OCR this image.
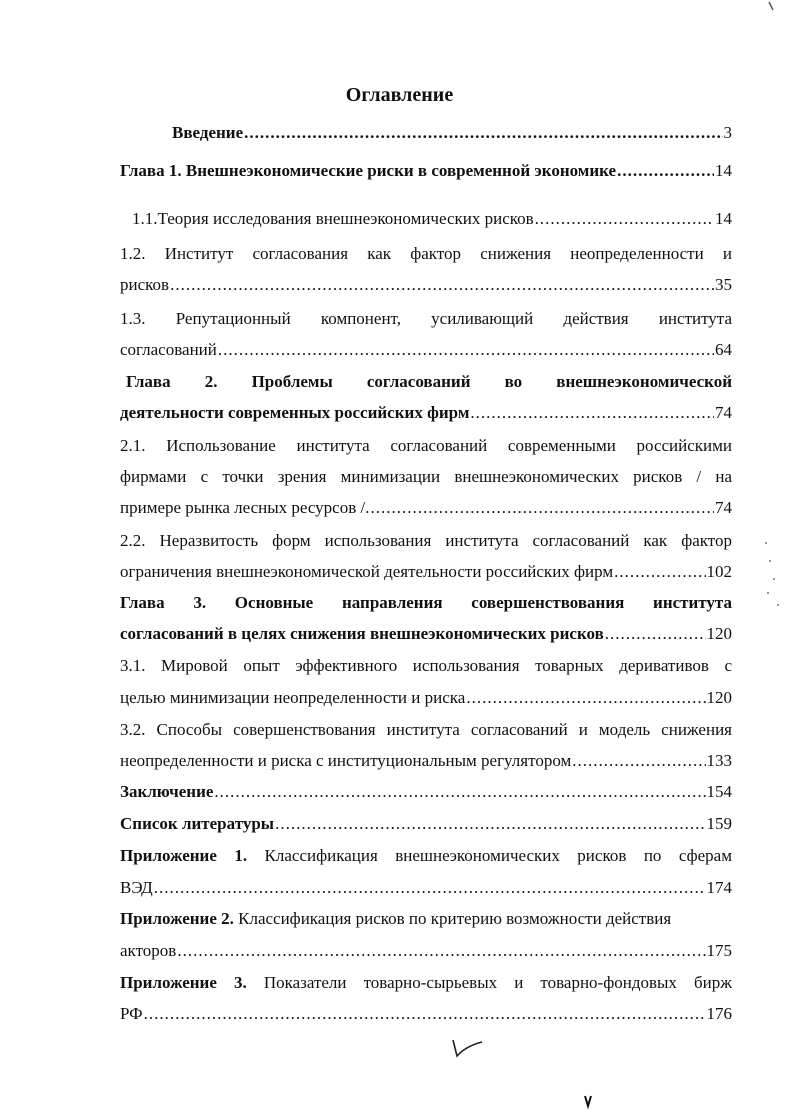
Оглавление
Введение .....	3
Глава 1. Внешнеэкономические риски в современной экономике .....	14
1.1.Теория исследования внешнеэкономических рисков .....	14
1.2. Институт согласования как фактор снижения неопределенности и
рисков .....	35
1.3. Репутационный компонент, усиливающий действия института
согласований .....	64
Глава 2. Проблемы согласований во внешнеэкономической
деятельности современных российских фирм .....	74
2.1. Использование института согласований современными российскими
фирмами с точки зрения минимизации внешнеэкономических рисков / на
примере рынка лесных ресурсов /. .....	74
2.2. Неразвитость форм использования института согласований как фактор
ограничения внешнеэкономической деятельности российских фирм .....	102
Глава 3. Основные направления совершенствования института
согласований в целях снижения внешнеэкономических рисков .....	120
3.1. Мировой опыт эффективного использования товарных деривативов с
целью минимизации неопределенности и риска .....	120
3.2. Способы совершенствования института согласований и модель снижения
неопределенности и риска с институциональным регулятором .....	133
Заключение .....	154
Список литературы .....	159
Приложение 1. Классификация внешнеэкономических рисков по сферам
ВЭД .....	174
Приложение 2. Классификация рисков по критерию возможности действия
акторов .....	175
Приложение 3. Показатели товарно-сырьевых и товарно-фондовых бирж
РФ .....	176
